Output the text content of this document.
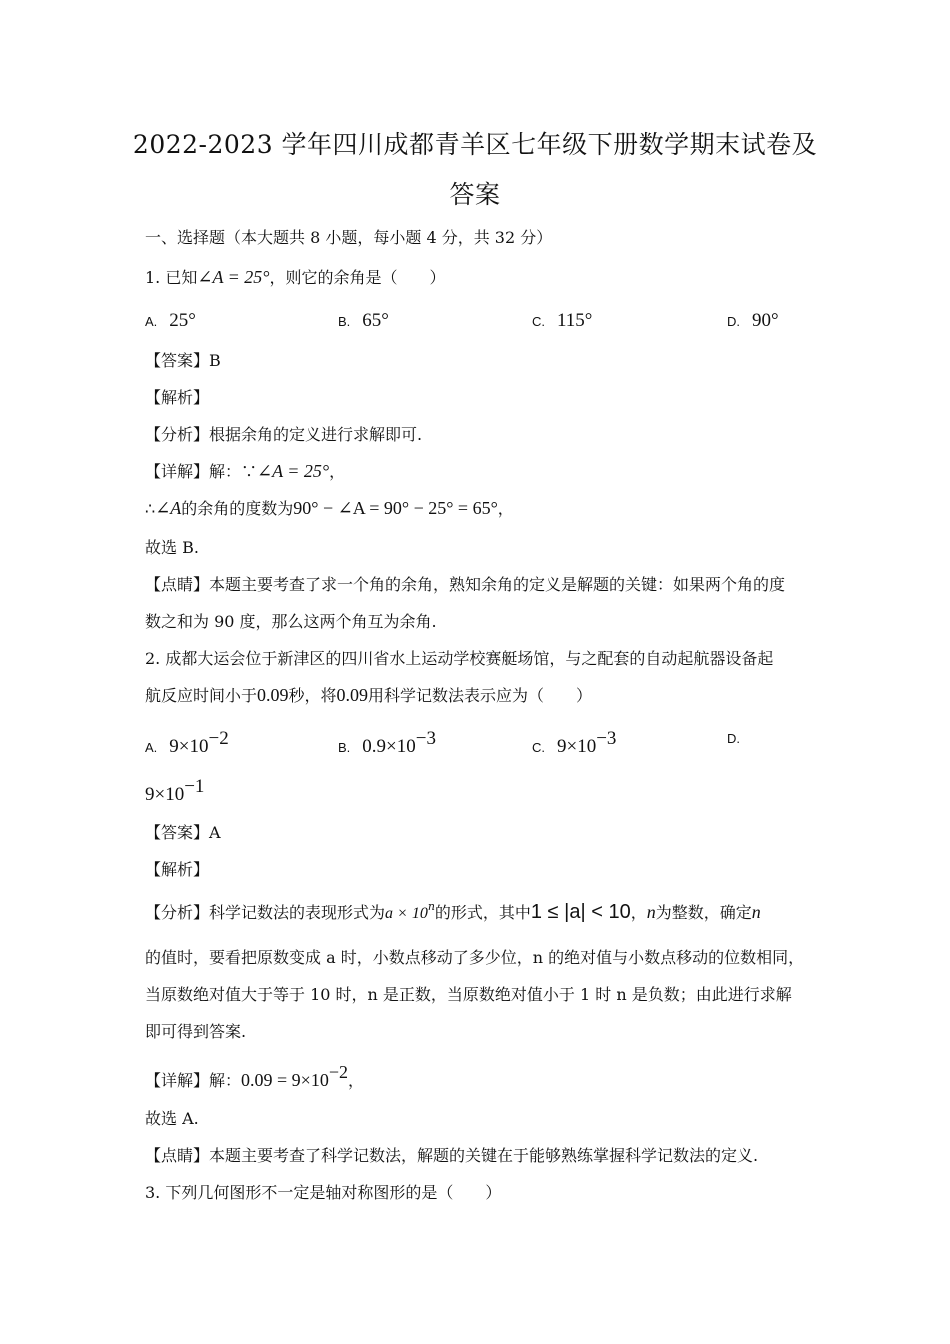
2022-2023 学年四川成都青羊区七年级下册数学期末试卷及
答案
一、选择题（本大题共 8 小题，每小题 4 分，共 32 分）
1. 已知∠A = 25°，则它的余角是（　　）
A. 25°	B. 65°	C. 115°	D. 90°
【答案】B
【解析】
【分析】根据余角的定义进行求解即可.
【详解】解：∵∠A = 25°，
∴∠A的余角的度数为90° − ∠A = 90° − 25° = 65°，
故选 B.
【点睛】本题主要考查了求一个角的余角，熟知余角的定义是解题的关键：如果两个角的度
数之和为 90 度，那么这两个角互为余角.
2. 成都大运会位于新津区的四川省水上运动学校赛艇场馆，与之配套的自动起航器设备起
航反应时间小于0.09秒，将0.09用科学记数法表示应为（　　）
A. $9\times 10^{-2}$	B. $0.9\times 10^{-3}$	C. $9\times 10^{-3}$	D.
$9\times 10^{-1}$
【答案】A
【解析】
【分析】科学记数法的表现形式为$a \times 10^n$的形式，其中1 ≤ |a| < 10，n为整数，确定n
的值时，要看把原数变成 a 时，小数点移动了多少位，n 的绝对值与小数点移动的位数相同，
当原数绝对值大于等于 10 时，n 是正数，当原数绝对值小于 1 时 n 是负数；由此进行求解
即可得到答案.
【详解】解：$0.09 = 9\times 10^{-2}$，
故选 A.
【点睛】本题主要考查了科学记数法，解题的关键在于能够熟练掌握科学记数法的定义.
3. 下列几何图形不一定是轴对称图形的是（　　）
